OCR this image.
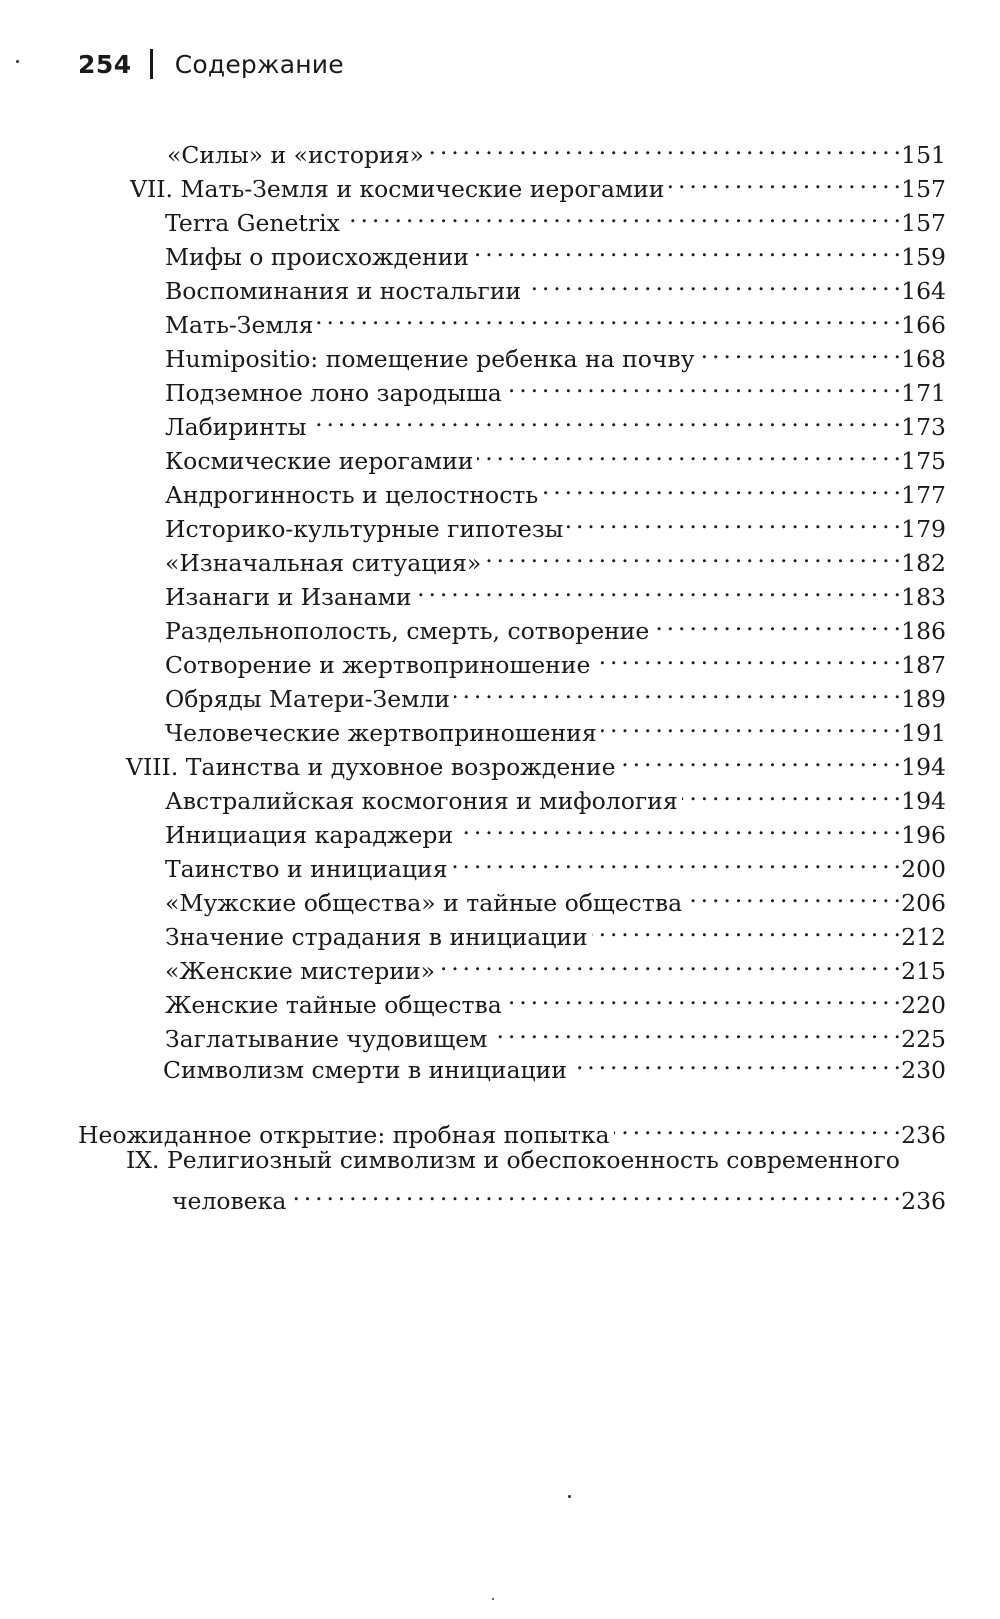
254 Содержание
«Силы» и «история» . . .	151
VII. Мать-Земля и космические иерогамии . . .	157
Terra Genetrix . . .	157
Мифы о происхождении . . .	159
Воспоминания и ностальгии . . .	164
Мать-Земля . . .	166
Humipositio: помещение ребенка на почву . . .	168
Подземное лоно зародыша . . .	171
Лабиринты . . .	173
Космические иерогамии . . .	175
Андрогинность и целостность . . .	177
Историко-культурные гипотезы . . .	179
«Изначальная ситуация» . . .	182
Изанаги и Изанами . . .	183
Раздельнополость, смерть, сотворение . . .	186
Сотворение и жертвоприношение . . .	187
Обряды Матери-Земли . . .	189
Человеческие жертвоприношения . . .	191
VIII. Таинства и духовное возрождение . . .	194
Австралийская космогония и мифология . . .	194
Инициация караджери . . .	196
Таинство и инициация . . .	200
«Мужские общества» и тайные общества . . .	206
Значение страдания в инициации . . .	212
«Женские мистерии» . . .	215
Женские тайные общества . . .	220
Заглатывание чудовищем . . .	225
Символизм смерти в инициации . . .	230
Неожиданное открытие: пробная попытка . . .	236
IX. Религиозный символизм и обеспокоенность современного
человека . . .	236
